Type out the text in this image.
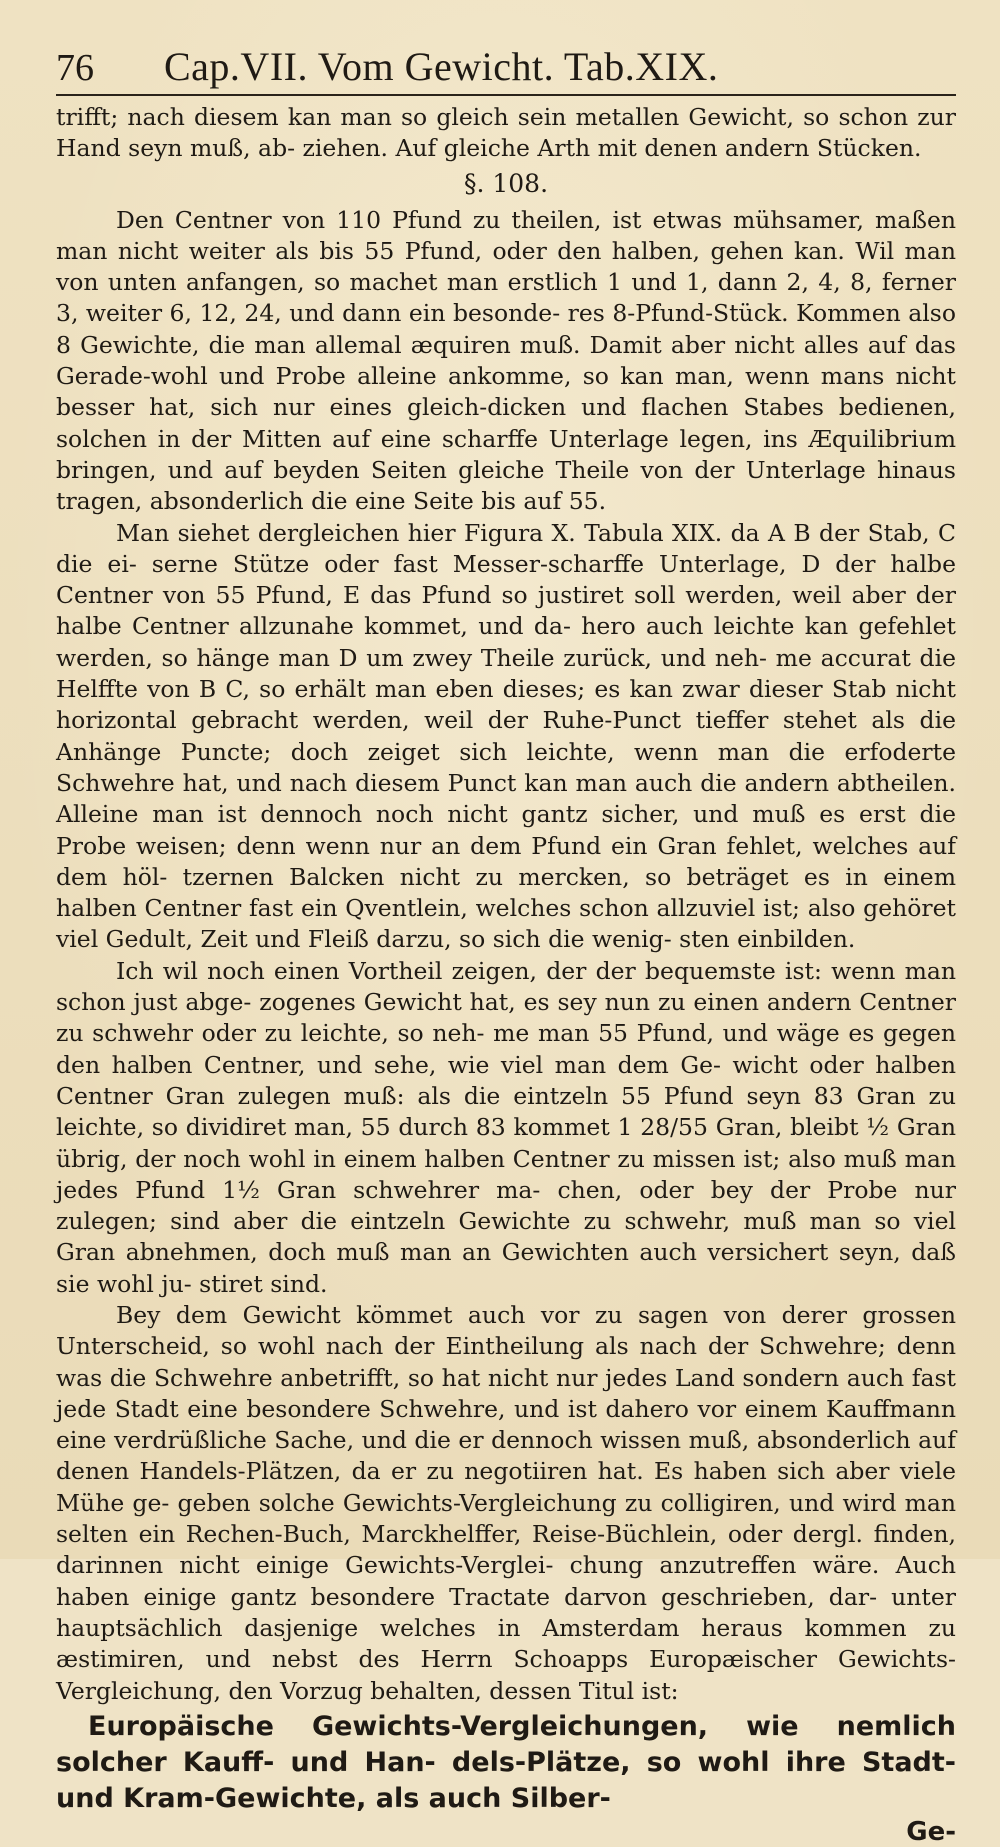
76 Cap.VII. Vom Gewicht. Tab.XIX.

trifft; nach diesem kan man so gleich sein metallen Gewicht, so schon zur Hand seyn muß, ab- ziehen. Auf gleiche Arth mit denen andern Stücken.

§. 108.

Den Centner von 110 Pfund zu theilen, ist etwas mühsamer, maßen man nicht weiter als bis 55 Pfund, oder den halben, gehen kan. Wil man von unten anfangen, so machet man erstlich 1 und 1, dann 2, 4, 8, ferner 3, weiter 6, 12, 24, und dann ein besonde- res 8-Pfund-Stück. Kommen also 8 Gewichte, die man allemal æquiren muß. Damit aber nicht alles auf das Gerade-wohl und Probe alleine ankomme, so kan man, wenn mans nicht besser hat, sich nur eines gleich-dicken und flachen Stabes bedienen, solchen in der Mitten auf eine scharffe Unterlage legen, ins Æquilibrium bringen, und auf beyden Seiten gleiche Theile von der Unterlage hinaus tragen, absonderlich die eine Seite bis auf 55.

Man siehet dergleichen hier Figura X. Tabula XIX. da A B der Stab, C die ei- serne Stütze oder fast Messer-scharffe Unterlage, D der halbe Centner von 55 Pfund, E das Pfund so justiret soll werden, weil aber der halbe Centner allzunahe kommet, und da- hero auch leichte kan gefehlet werden, so hänge man D um zwey Theile zurück, und neh- me accurat die Helffte von B C, so erhält man eben dieses; es kan zwar dieser Stab nicht horizontal gebracht werden, weil der Ruhe-Punct tieffer stehet als die Anhänge Puncte; doch zeiget sich leichte, wenn man die erfoderte Schwehre hat, und nach diesem Punct kan man auch die andern abtheilen. Alleine man ist dennoch noch nicht gantz sicher, und muß es erst die Probe weisen; denn wenn nur an dem Pfund ein Gran fehlet, welches auf dem höl- tzernen Balcken nicht zu mercken, so beträget es in einem halben Centner fast ein Qventlein, welches schon allzuviel ist; also gehöret viel Gedult, Zeit und Fleiß darzu, so sich die wenig- sten einbilden.

Ich wil noch einen Vortheil zeigen, der der bequemste ist: wenn man schon just abge- zogenes Gewicht hat, es sey nun zu einen andern Centner zu schwehr oder zu leichte, so neh- me man 55 Pfund, und wäge es gegen den halben Centner, und sehe, wie viel man dem Ge- wicht oder halben Centner Gran zulegen muß: als die eintzeln 55 Pfund seyn 83 Gran zu leichte, so dividiret man, 55 durch 83 kommet 1 28/55 Gran, bleibt ½ Gran übrig, der noch wohl in einem halben Centner zu missen ist; also muß man jedes Pfund 1½ Gran schwehrer ma- chen, oder bey der Probe nur zulegen; sind aber die eintzeln Gewichte zu schwehr, muß man so viel Gran abnehmen, doch muß man an Gewichten auch versichert seyn, daß sie wohl ju- stiret sind.

Bey dem Gewicht kömmet auch vor zu sagen von derer grossen Unterscheid, so wohl nach der Eintheilung als nach der Schwehre; denn was die Schwehre anbetrifft, so hat nicht nur jedes Land sondern auch fast jede Stadt eine besondere Schwehre, und ist dahero vor einem Kauffmann eine verdrüßliche Sache, und die er dennoch wissen muß, absonderlich auf denen Handels-Plätzen, da er zu negotiiren hat. Es haben sich aber viele Mühe ge- geben solche Gewichts-Vergleichung zu colligiren, und wird man selten ein Rechen-Buch, Marckhelffer, Reise-Büchlein, oder dergl. finden, darinnen nicht einige Gewichts-Verglei- chung anzutreffen wäre. Auch haben einige gantz besondere Tractate darvon geschrieben, dar- unter hauptsächlich dasjenige welches in Amsterdam heraus kommen zu æstimiren, und nebst des Herrn Schoapps Europæischer Gewichts-Vergleichung, den Vorzug behalten, dessen Titul ist:

Europäische Gewichts-Vergleichungen, wie nemlich solcher Kauff- und Han- dels-Plätze, so wohl ihre Stadt- und Kram-Gewichte, als auch Silber-

Ge-
